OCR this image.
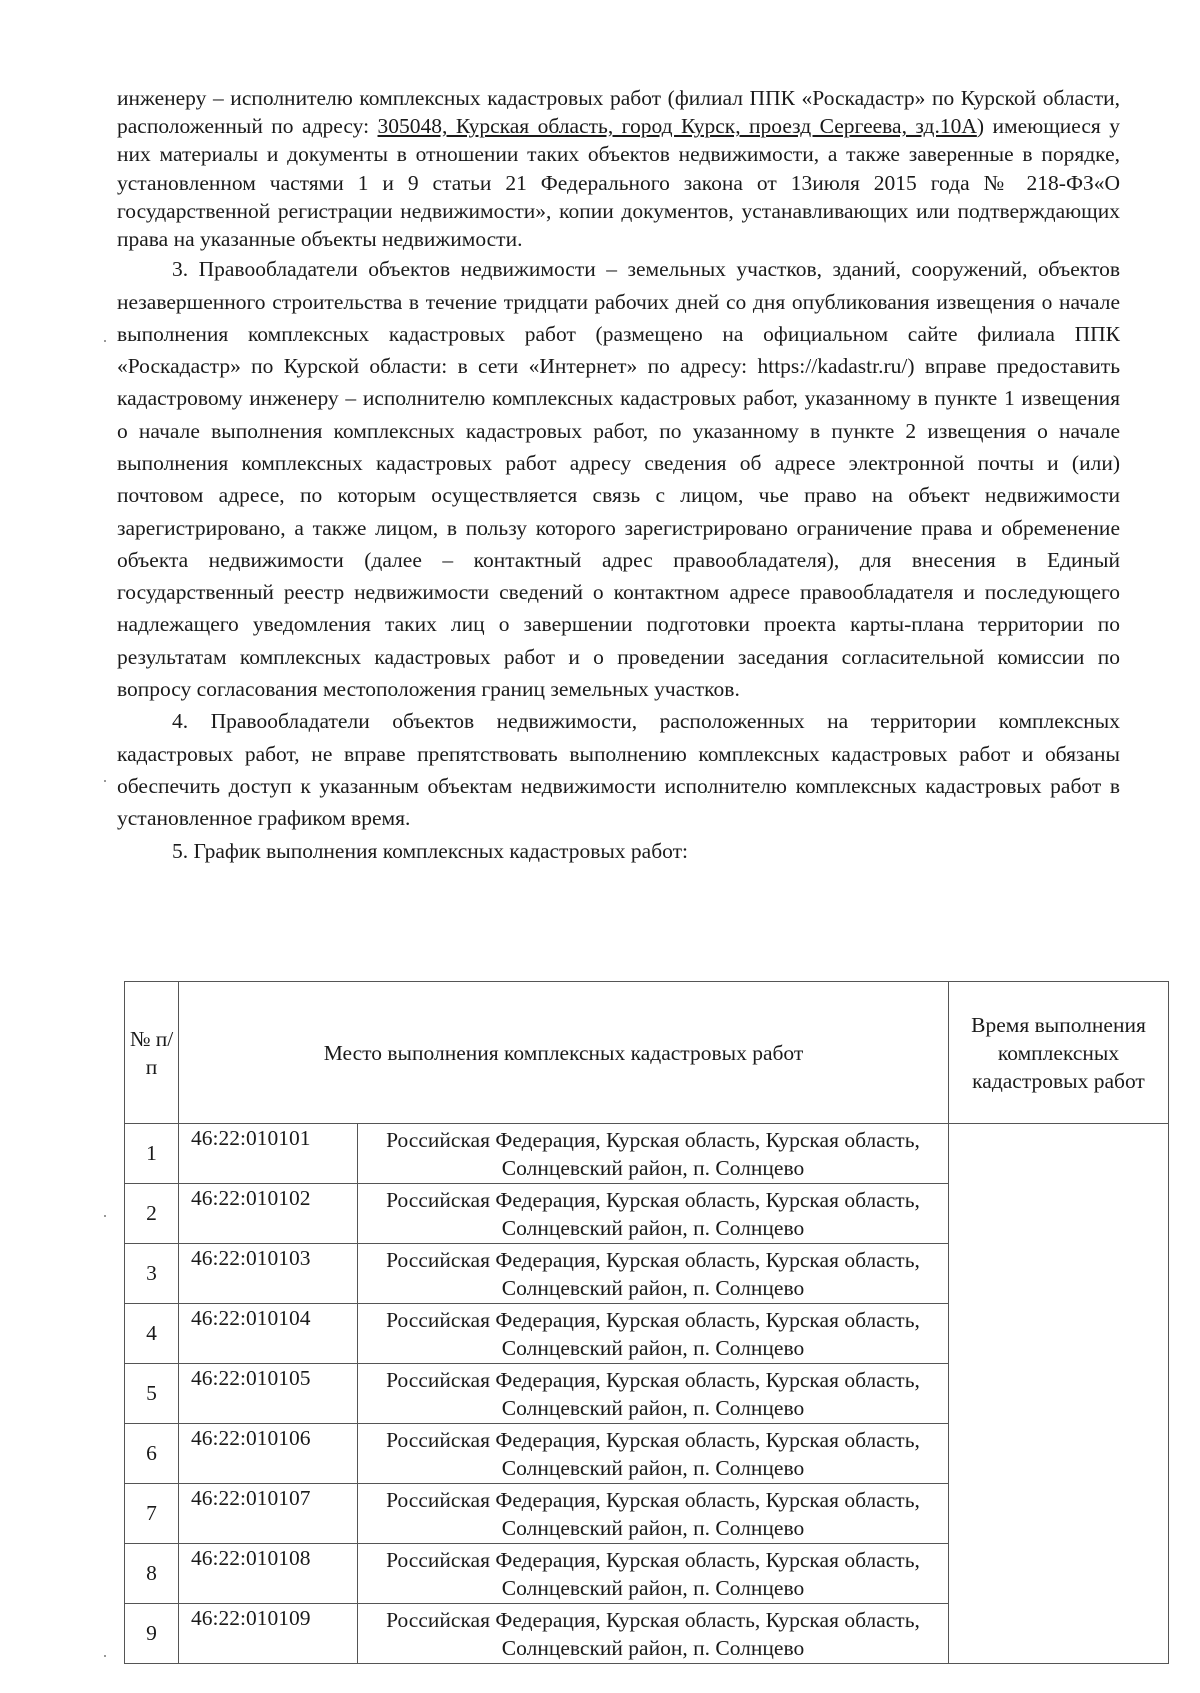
инженеру – исполнителю комплексных кадастровых работ (филиал ППК «Роскадастр» по Курской области, расположенный по адресу: 305048, Курская область, город Курск, проезд Сергеева, зд.10А) имеющиеся у них материалы и документы в отношении таких объектов недвижимости, а также заверенные в порядке, установленном частями 1 и 9 статьи 21 Федерального закона от 13июля 2015 года № 218-ФЗ«О государственной регистрации недвижимости», копии документов, устанавливающих или подтверждающих права на указанные объекты недвижимости.

3. Правообладатели объектов недвижимости – земельных участков, зданий, сооружений, объектов незавершенного строительства в течение тридцати рабочих дней со дня опубликования извещения о начале выполнения комплексных кадастровых работ (размещено на официальном сайте филиала ППК «Роскадастр» по Курской области: в сети «Интернет» по адресу: https://kadastr.ru/) вправе предоставить кадастровому инженеру – исполнителю комплексных кадастровых работ, указанному в пункте 1 извещения о начале выполнения комплексных кадастровых работ, по указанному в пункте 2 извещения о начале выполнения комплексных кадастровых работ адресу сведения об адресе электронной почты и (или) почтовом адресе, по которым осуществляется связь с лицом, чье право на объект недвижимости зарегистрировано, а также лицом, в пользу которого зарегистрировано ограничение права и обременение объекта недвижимости (далее – контактный адрес правообладателя), для внесения в Единый государственный реестр недвижимости сведений о контактном адресе правообладателя и последующего надлежащего уведомления таких лиц о завершении подготовки проекта карты-плана территории по результатам комплексных кадастровых работ и о проведении заседания согласительной комиссии по вопросу согласования местоположения границ земельных участков.

4. Правообладатели объектов недвижимости, расположенных на территории комплексных кадастровых работ, не вправе препятствовать выполнению комплексных кадастровых работ и обязаны обеспечить доступ к указанным объектам недвижимости исполнителю комплексных кадастровых работ в установленное графиком время.

5. График выполнения комплексных кадастровых работ:

№ п/п	Место выполнения комплексных кадастровых работ		Время выполнения комплексных кадастровых работ
1	46:22:010101	Российская Федерация, Курская область, Курская область, Солнцевский район, п. Солнцево	
2	46:22:010102	Российская Федерация, Курская область, Курская область, Солнцевский район, п. Солнцево	
3	46:22:010103	Российская Федерация, Курская область, Курская область, Солнцевский район, п. Солнцево	
4	46:22:010104	Российская Федерация, Курская область, Курская область, Солнцевский район, п. Солнцево	
5	46:22:010105	Российская Федерация, Курская область, Курская область, Солнцевский район, п. Солнцево	
6	46:22:010106	Российская Федерация, Курская область, Курская область, Солнцевский район, п. Солнцево	
7	46:22:010107	Российская Федерация, Курская область, Курская область, Солнцевский район, п. Солнцево	
8	46:22:010108	Российская Федерация, Курская область, Курская область, Солнцевский район, п. Солнцево	
9	46:22:010109	Российская Федерация, Курская область, Курская область, Солнцевский район, п. Солнцево	
